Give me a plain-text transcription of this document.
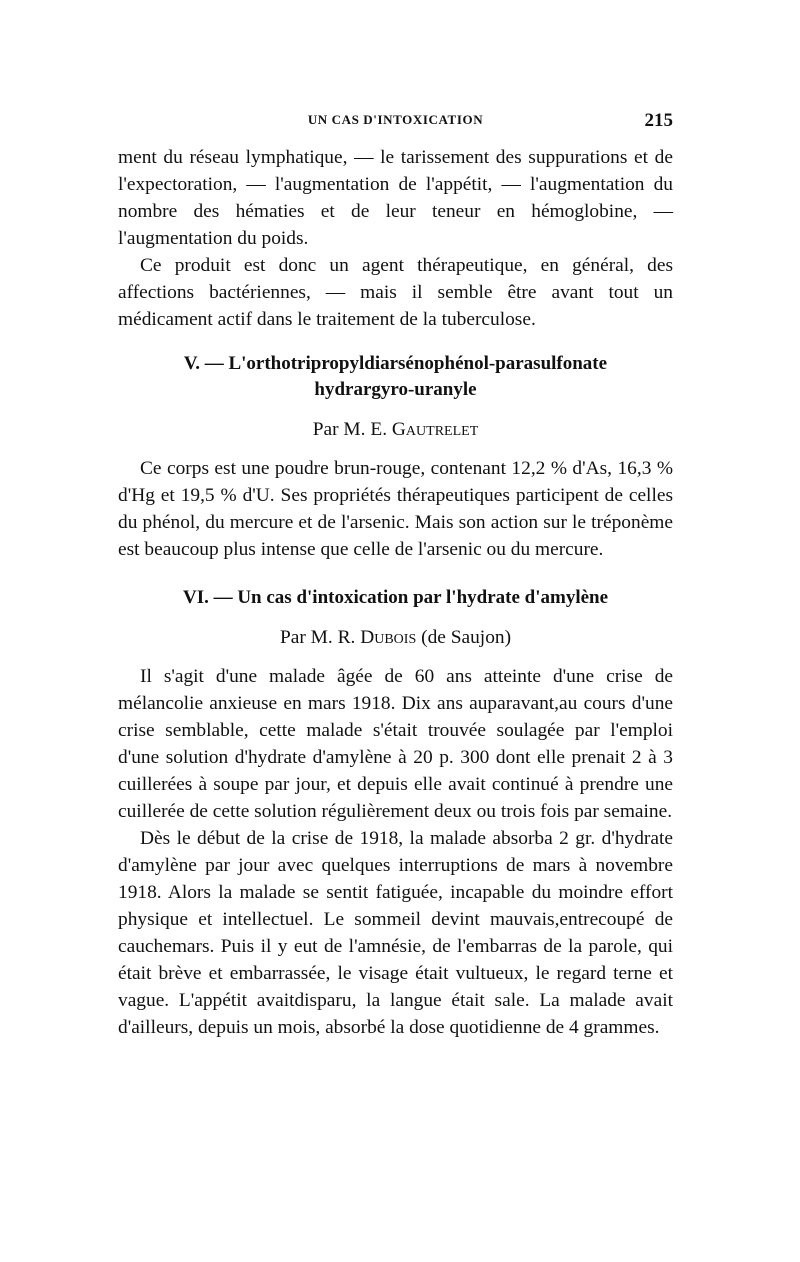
UN CAS D'INTOXICATION	215

ment du réseau lymphatique, — le tarissement des suppurations et de l'expectoration, — l'augmentation de l'appétit, — l'augmentation du nombre des hématies et de leur teneur en hémoglobine, — l'augmentation du poids.

Ce produit est donc un agent thérapeutique, en général, des affections bactériennes, — mais il semble être avant tout un médicament actif dans le traitement de la tuberculose.

V. — L'orthotripropyldiarsénophénol-parasulfonate
hydrargyro-uranyle
Par M. E. Gautrelet

Ce corps est une poudre brun-rouge, contenant 12,2 % d'As, 16,3 % d'Hg et 19,5 % d'U. Ses propriétés thérapeutiques participent de celles du phénol, du mercure et de l'arsenic. Mais son action sur le tréponème est beaucoup plus intense que celle de l'arsenic ou du mercure.

VI. — Un cas d'intoxication par l'hydrate d'amylène
Par M. R. Dubois (de Saujon)

Il s'agit d'une malade âgée de 60 ans atteinte d'une crise de mélancolie anxieuse en mars 1918. Dix ans auparavant,au cours d'une crise semblable, cette malade s'était trouvée soulagée par l'emploi d'une solution d'hydrate d'amylène à 20 p. 300 dont elle prenait 2 à 3 cuillerées à soupe par jour, et depuis elle avait continué à prendre une cuillerée de cette solution régulièrement deux ou trois fois par semaine.

Dès le début de la crise de 1918, la malade absorba 2 gr. d'hydrate d'amylène par jour avec quelques interruptions de mars à novembre 1918. Alors la malade se sentit fatiguée, incapable du moindre effort physique et intellectuel. Le sommeil devint mauvais,entrecoupé de cauchemars. Puis il y eut de l'amnésie, de l'embarras de la parole, qui était brève et embarrassée, le visage était vultueux, le regard terne et vague. L'appétit avaitdisparu, la langue était sale. La malade avait d'ailleurs, depuis un mois, absorbé la dose quotidienne de 4 grammes.
